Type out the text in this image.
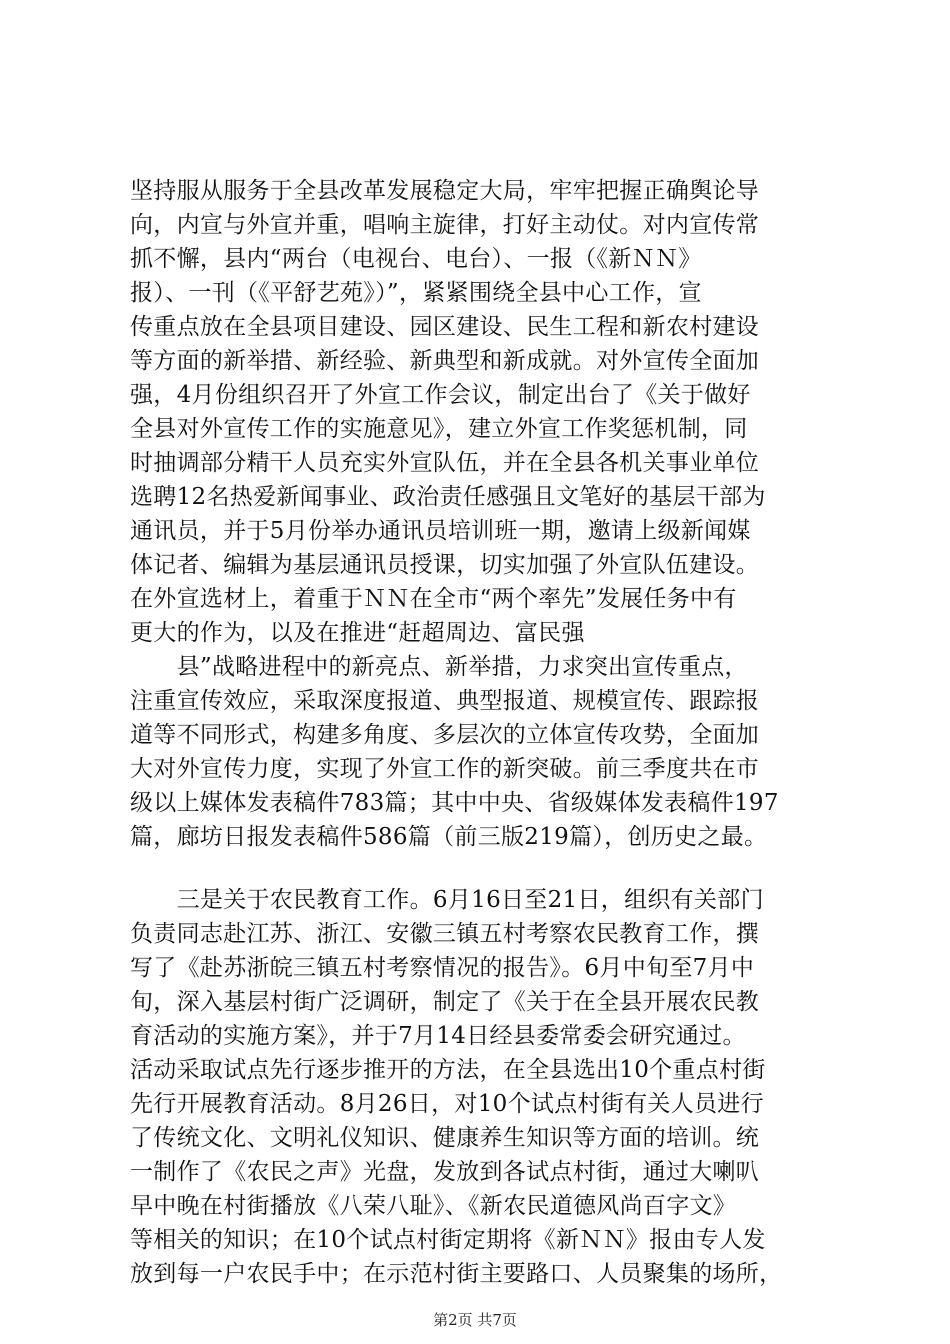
坚持服从服务于全县改革发展稳定大局，牢牢把握正确舆论导
向，内宣与外宣并重，唱响主旋律，打好主动仗。对内宣传常
抓不懈，县内“两台（电视台、电台）、一报（《新ＮＮ》
报）、一刊（《平舒艺苑》）”，紧紧围绕全县中心工作，宣
传重点放在全县项目建设、园区建设、民生工程和新农村建设
等方面的新举措、新经验、新典型和新成就。对外宣传全面加
强，4月份组织召开了外宣工作会议，制定出台了《关于做好
全县对外宣传工作的实施意见》，建立外宣工作奖惩机制，同
时抽调部分精干人员充实外宣队伍，并在全县各机关事业单位
选聘12名热爱新闻事业、政治责任感强且文笔好的基层干部为
通讯员，并于5月份举办通讯员培训班一期，邀请上级新闻媒
体记者、编辑为基层通讯员授课，切实加强了外宣队伍建设。
在外宣选材上，着重于ＮＮ在全市“两个率先”发展任务中有
更大的作为，以及在推进“赶超周边、富民强
　　县”战略进程中的新亮点、新举措，力求突出宣传重点，
注重宣传效应，采取深度报道、典型报道、规模宣传、跟踪报
道等不同形式，构建多角度、多层次的立体宣传攻势，全面加
大对外宣传力度，实现了外宣工作的新突破。前三季度共在市
级以上媒体发表稿件783篇；其中中央、省级媒体发表稿件197
篇，廊坊日报发表稿件586篇（前三版219篇），创历史之最。
　　三是关于农民教育工作。6月16日至21日，组织有关部门
负责同志赴江苏、浙江、安徽三镇五村考察农民教育工作，撰
写了《赴苏浙皖三镇五村考察情况的报告》。6月中旬至7月中
旬，深入基层村街广泛调研，制定了《关于在全县开展农民教
育活动的实施方案》，并于7月14日经县委常委会研究通过。
活动采取试点先行逐步推开的方法，在全县选出10个重点村街
先行开展教育活动。8月26日，对10个试点村街有关人员进行
了传统文化、文明礼仪知识、健康养生知识等方面的培训。统
一制作了《农民之声》光盘，发放到各试点村街，通过大喇叭
早中晚在村街播放《八荣八耻》、《新农民道德风尚百字文》
等相关的知识；在10个试点村街定期将《新ＮＮ》报由专人发
放到每一户农民手中；在示范村街主要路口、人员聚集的场所，
第2页 共7页
